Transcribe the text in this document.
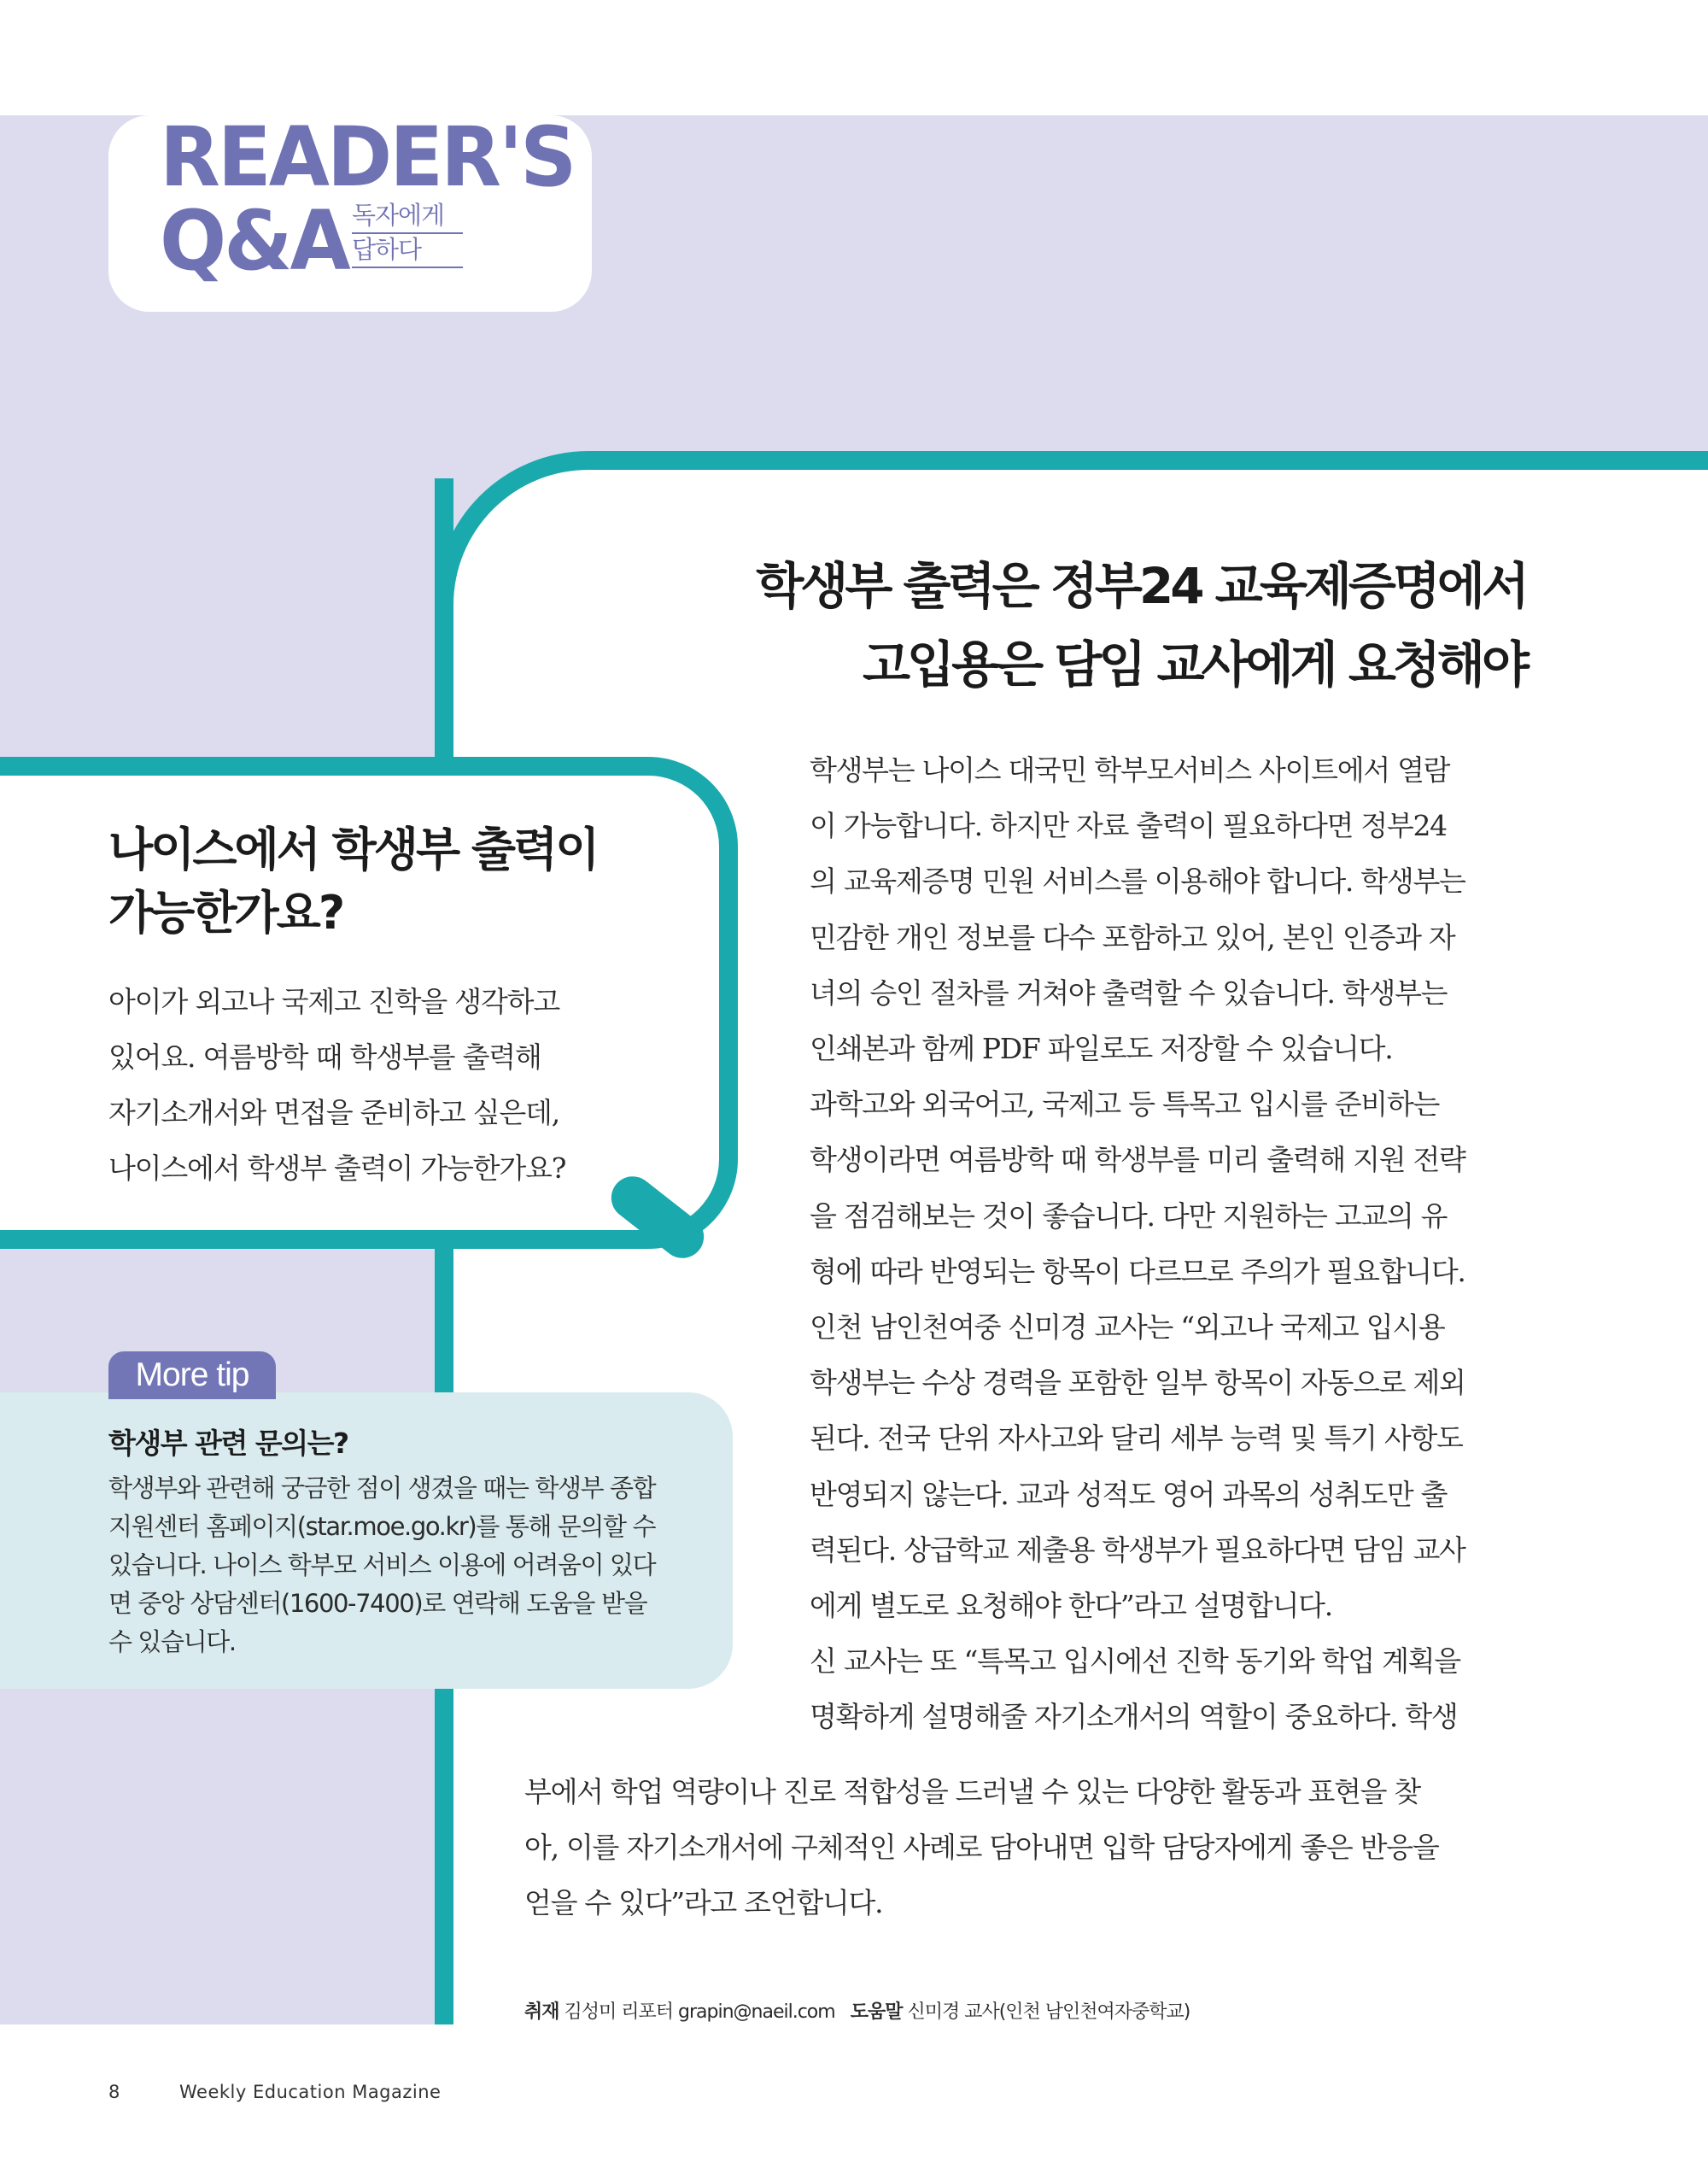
READER'S
Q&A 독자에게
답하다
학생부 출력은 정부24 교육제증명에서
고입용은 담임 교사에게 요청해야
나이스에서 학생부 출력이
가능한가요?
아이가 외고나 국제고 진학을 생각하고
있어요. 여름방학 때 학생부를 출력해
자기소개서와 면접을 준비하고 싶은데,
나이스에서 학생부 출력이 가능한가요?
More tip
학생부 관련 문의는?
학생부와 관련해 궁금한 점이 생겼을 때는 학생부 종합
지원센터 홈페이지(star.moe.go.kr)를 통해 문의할 수
있습니다. 나이스 학부모 서비스 이용에 어려움이 있다
면 중앙 상담센터(1600-7400)로 연락해 도움을 받을
수 있습니다.
학생부는 나이스 대국민 학부모서비스 사이트에서 열람
이 가능합니다. 하지만 자료 출력이 필요하다면 정부24
의 교육제증명 민원 서비스를 이용해야 합니다. 학생부는
민감한 개인 정보를 다수 포함하고 있어, 본인 인증과 자
녀의 승인 절차를 거쳐야 출력할 수 있습니다. 학생부는
인쇄본과 함께 PDF 파일로도 저장할 수 있습니다.
과학고와 외국어고, 국제고 등 특목고 입시를 준비하는
학생이라면 여름방학 때 학생부를 미리 출력해 지원 전략
을 점검해보는 것이 좋습니다. 다만 지원하는 고교의 유
형에 따라 반영되는 항목이 다르므로 주의가 필요합니다.
인천 남인천여중 신미경 교사는 “외고나 국제고 입시용
학생부는 수상 경력을 포함한 일부 항목이 자동으로 제외
된다. 전국 단위 자사고와 달리 세부 능력 및 특기 사항도
반영되지 않는다. 교과 성적도 영어 과목의 성취도만 출
력된다. 상급학교 제출용 학생부가 필요하다면 담임 교사
에게 별도로 요청해야 한다”라고 설명합니다.
신 교사는 또 “특목고 입시에선 진학 동기와 학업 계획을
명확하게 설명해줄 자기소개서의 역할이 중요하다. 학생
부에서 학업 역량이나 진로 적합성을 드러낼 수 있는 다양한 활동과 표현을 찾
아, 이를 자기소개서에 구체적인 사례로 담아내면 입학 담당자에게 좋은 반응을
얻을 수 있다”라고 조언합니다.
취재 김성미 리포터 grapin@naeil.com 도움말 신미경 교사(인천 남인천여자중학교)
8	Weekly Education Magazine
